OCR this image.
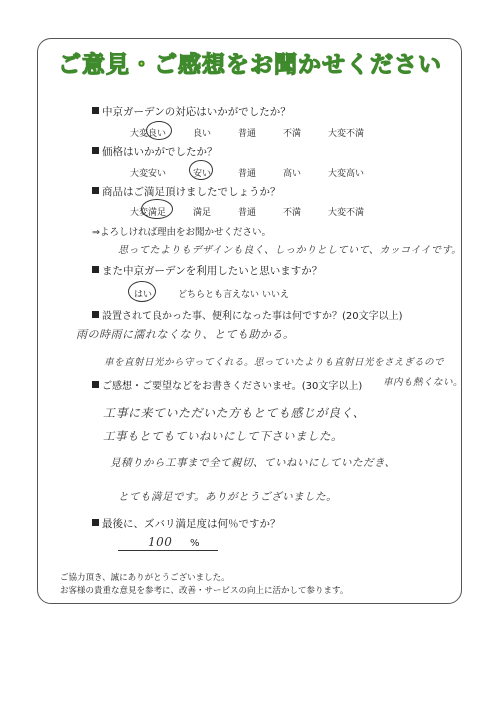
ご意見・ご感想をお聞かせください
中京ガーデンの対応はいかがでしたか？
大変良い	良い	普通	不満	大変不満
価格はいかがでしたか？
大変安い	安い	普通	高い	大変高い
商品はご満足頂けましたでしょうか？
大変満足	満足	普通	不満	大変不満
⇒よろしければ理由をお聞かせください。
思ってたよりもデザインも良く、しっかりとしていて、カッコイイです。
また中京ガーデンを利用したいと思いますか？
はい	どちらとも言えない いいえ
設置されて良かった事、便利になった事は何ですか？(20文字以上)
雨の時雨に濡れなくなり、とても助かる。
車を直射日光から守ってくれる。思っていたよりも直射日光をさえぎるので
ご感想・ご要望などをお書きくださいませ。(30文字以上) 車内も熱くない。
工事に来ていただいた方もとても感じが良く、
工事もとてもていねいにして下さいました。
見積りから工事まで全て親切、ていねいにしていただき、
とても満足です。ありがとうございました。
最後に、ズバリ満足度は何％ですか？
100 %
ご協力頂き、誠にありがとうございました。
お客様の貴重な意見を参考に、改善・サービスの向上に活かして参ります。
